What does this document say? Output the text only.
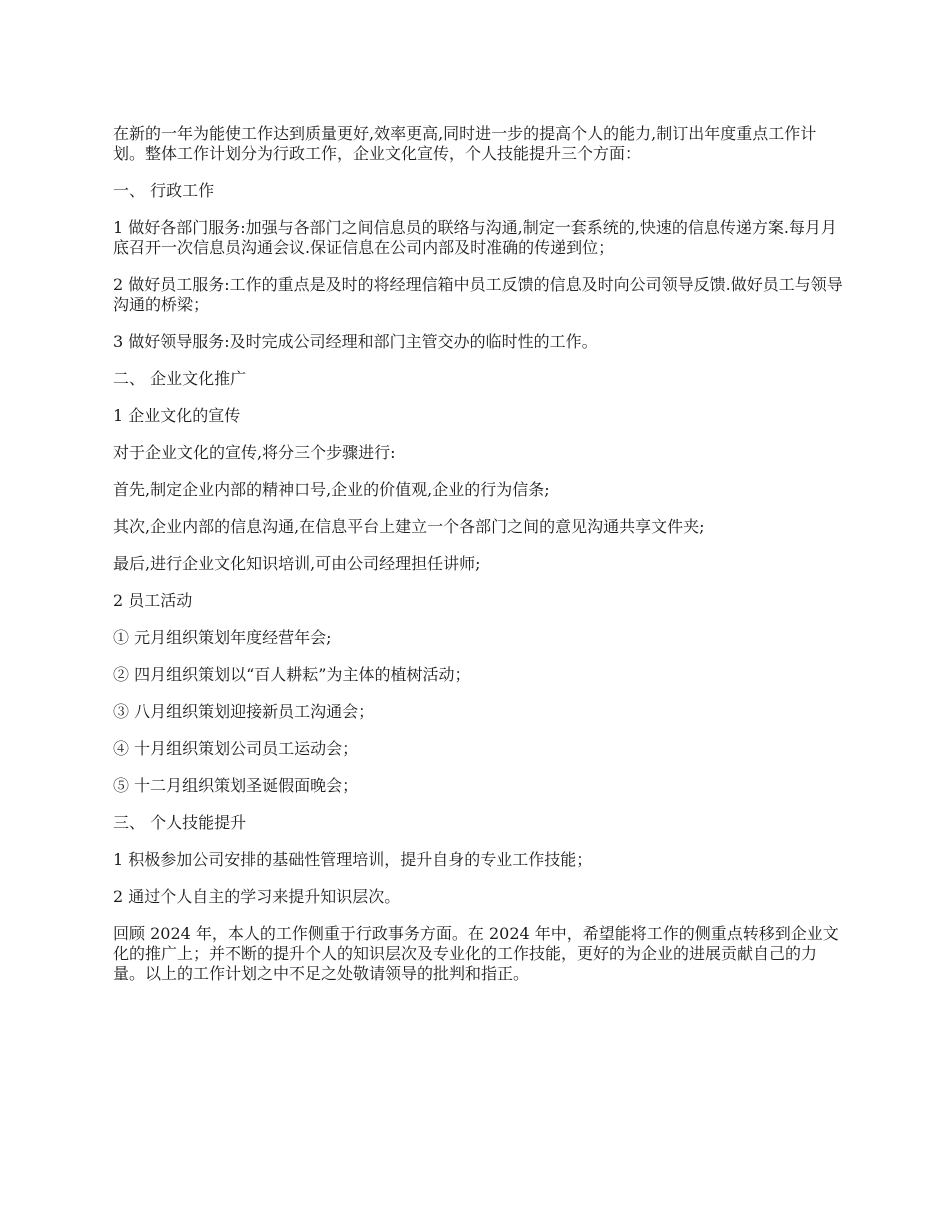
在新的一年为能使工作达到质量更好,效率更高,同时进一步的提高个人的能力,制订出年度重点工作计划。整体工作计划分为行政工作，企业文化宣传，个人技能提升三个方面：

一、 行政工作

1 做好各部门服务:加强与各部门之间信息员的联络与沟通,制定一套系统的,快速的信息传递方案.每月月底召开一次信息员沟通会议.保证信息在公司内部及时准确的传递到位；

2 做好员工服务:工作的重点是及时的将经理信箱中员工反馈的信息及时向公司领导反馈.做好员工与领导沟通的桥梁；

3 做好领导服务:及时完成公司经理和部门主管交办的临时性的工作。

二、 企业文化推广

1 企业文化的宣传

对于企业文化的宣传,将分三个步骤进行:

首先,制定企业内部的精神口号,企业的价值观,企业的行为信条;

其次,企业内部的信息沟通,在信息平台上建立一个各部门之间的意见沟通共享文件夹;

最后,进行企业文化知识培训,可由公司经理担任讲师;

2 员工活动

① 元月组织策划年度经营年会;

② 四月组织策划以“百人耕耘”为主体的植树活动；

③ 八月组织策划迎接新员工沟通会；

④ 十月组织策划公司员工运动会；

⑤ 十二月组织策划圣诞假面晚会；

三、 个人技能提升

1 积极参加公司安排的基础性管理培训，提升自身的专业工作技能；

2 通过个人自主的学习来提升知识层次。

回顾 2024 年，本人的工作侧重于行政事务方面。在 2024 年中，希望能将工作的侧重点转移到企业文化的推广上；并不断的提升个人的知识层次及专业化的工作技能，更好的为企业的进展贡献自己的力量。以上的工作计划之中不足之处敬请领导的批判和指正。
